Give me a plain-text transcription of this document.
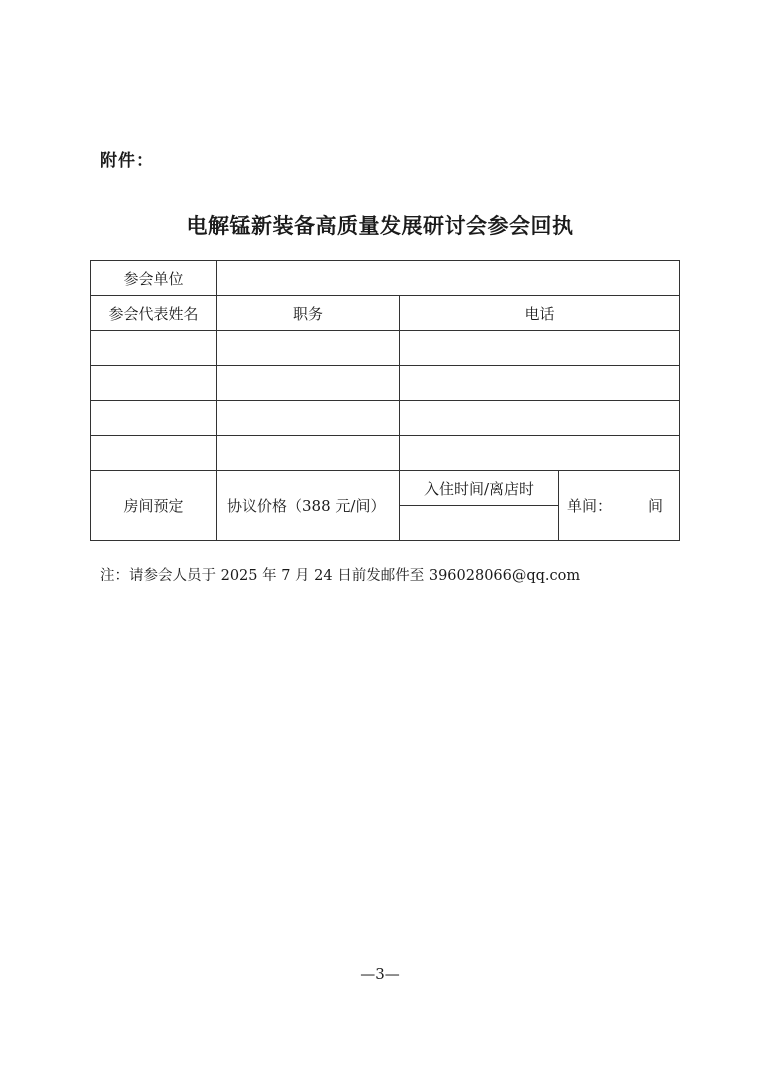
附件：
电解锰新装备高质量发展研讨会参会回执
参会单位			
参会代表姓名	职务	电话	

房间预定	协议价格（388 元/间）	入住时间/离店时	单间： 间

注：请参会人员于 2025 年 7 月 24 日前发邮件至 396028066@qq.com
—3—
